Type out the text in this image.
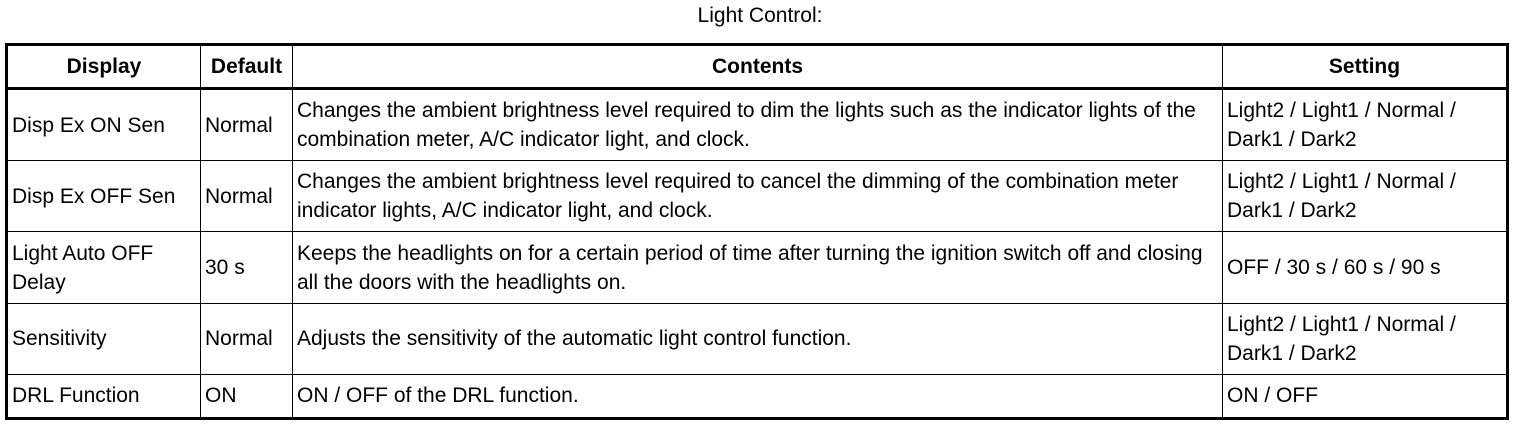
Light Control:
Display	Default	Contents	Setting
Disp Ex ON Sen	Normal	Changes the ambient brightness level required to dim the lights such as the indicator lights of the combination meter, A/C indicator light, and clock.	Light2 / Light1 / Normal / Dark1 / Dark2
Disp Ex OFF Sen	Normal	Changes the ambient brightness level required to cancel the dimming of the combination meter indicator lights, A/C indicator light, and clock.	Light2 / Light1 / Normal / Dark1 / Dark2
Light Auto OFF Delay	30 s	Keeps the headlights on for a certain period of time after turning the ignition switch off and closing all the doors with the headlights on.	OFF / 30 s / 60 s / 90 s
Sensitivity	Normal	Adjusts the sensitivity of the automatic light control function.	Light2 / Light1 / Normal / Dark1 / Dark2
DRL Function	ON	ON / OFF of the DRL function.	ON / OFF
